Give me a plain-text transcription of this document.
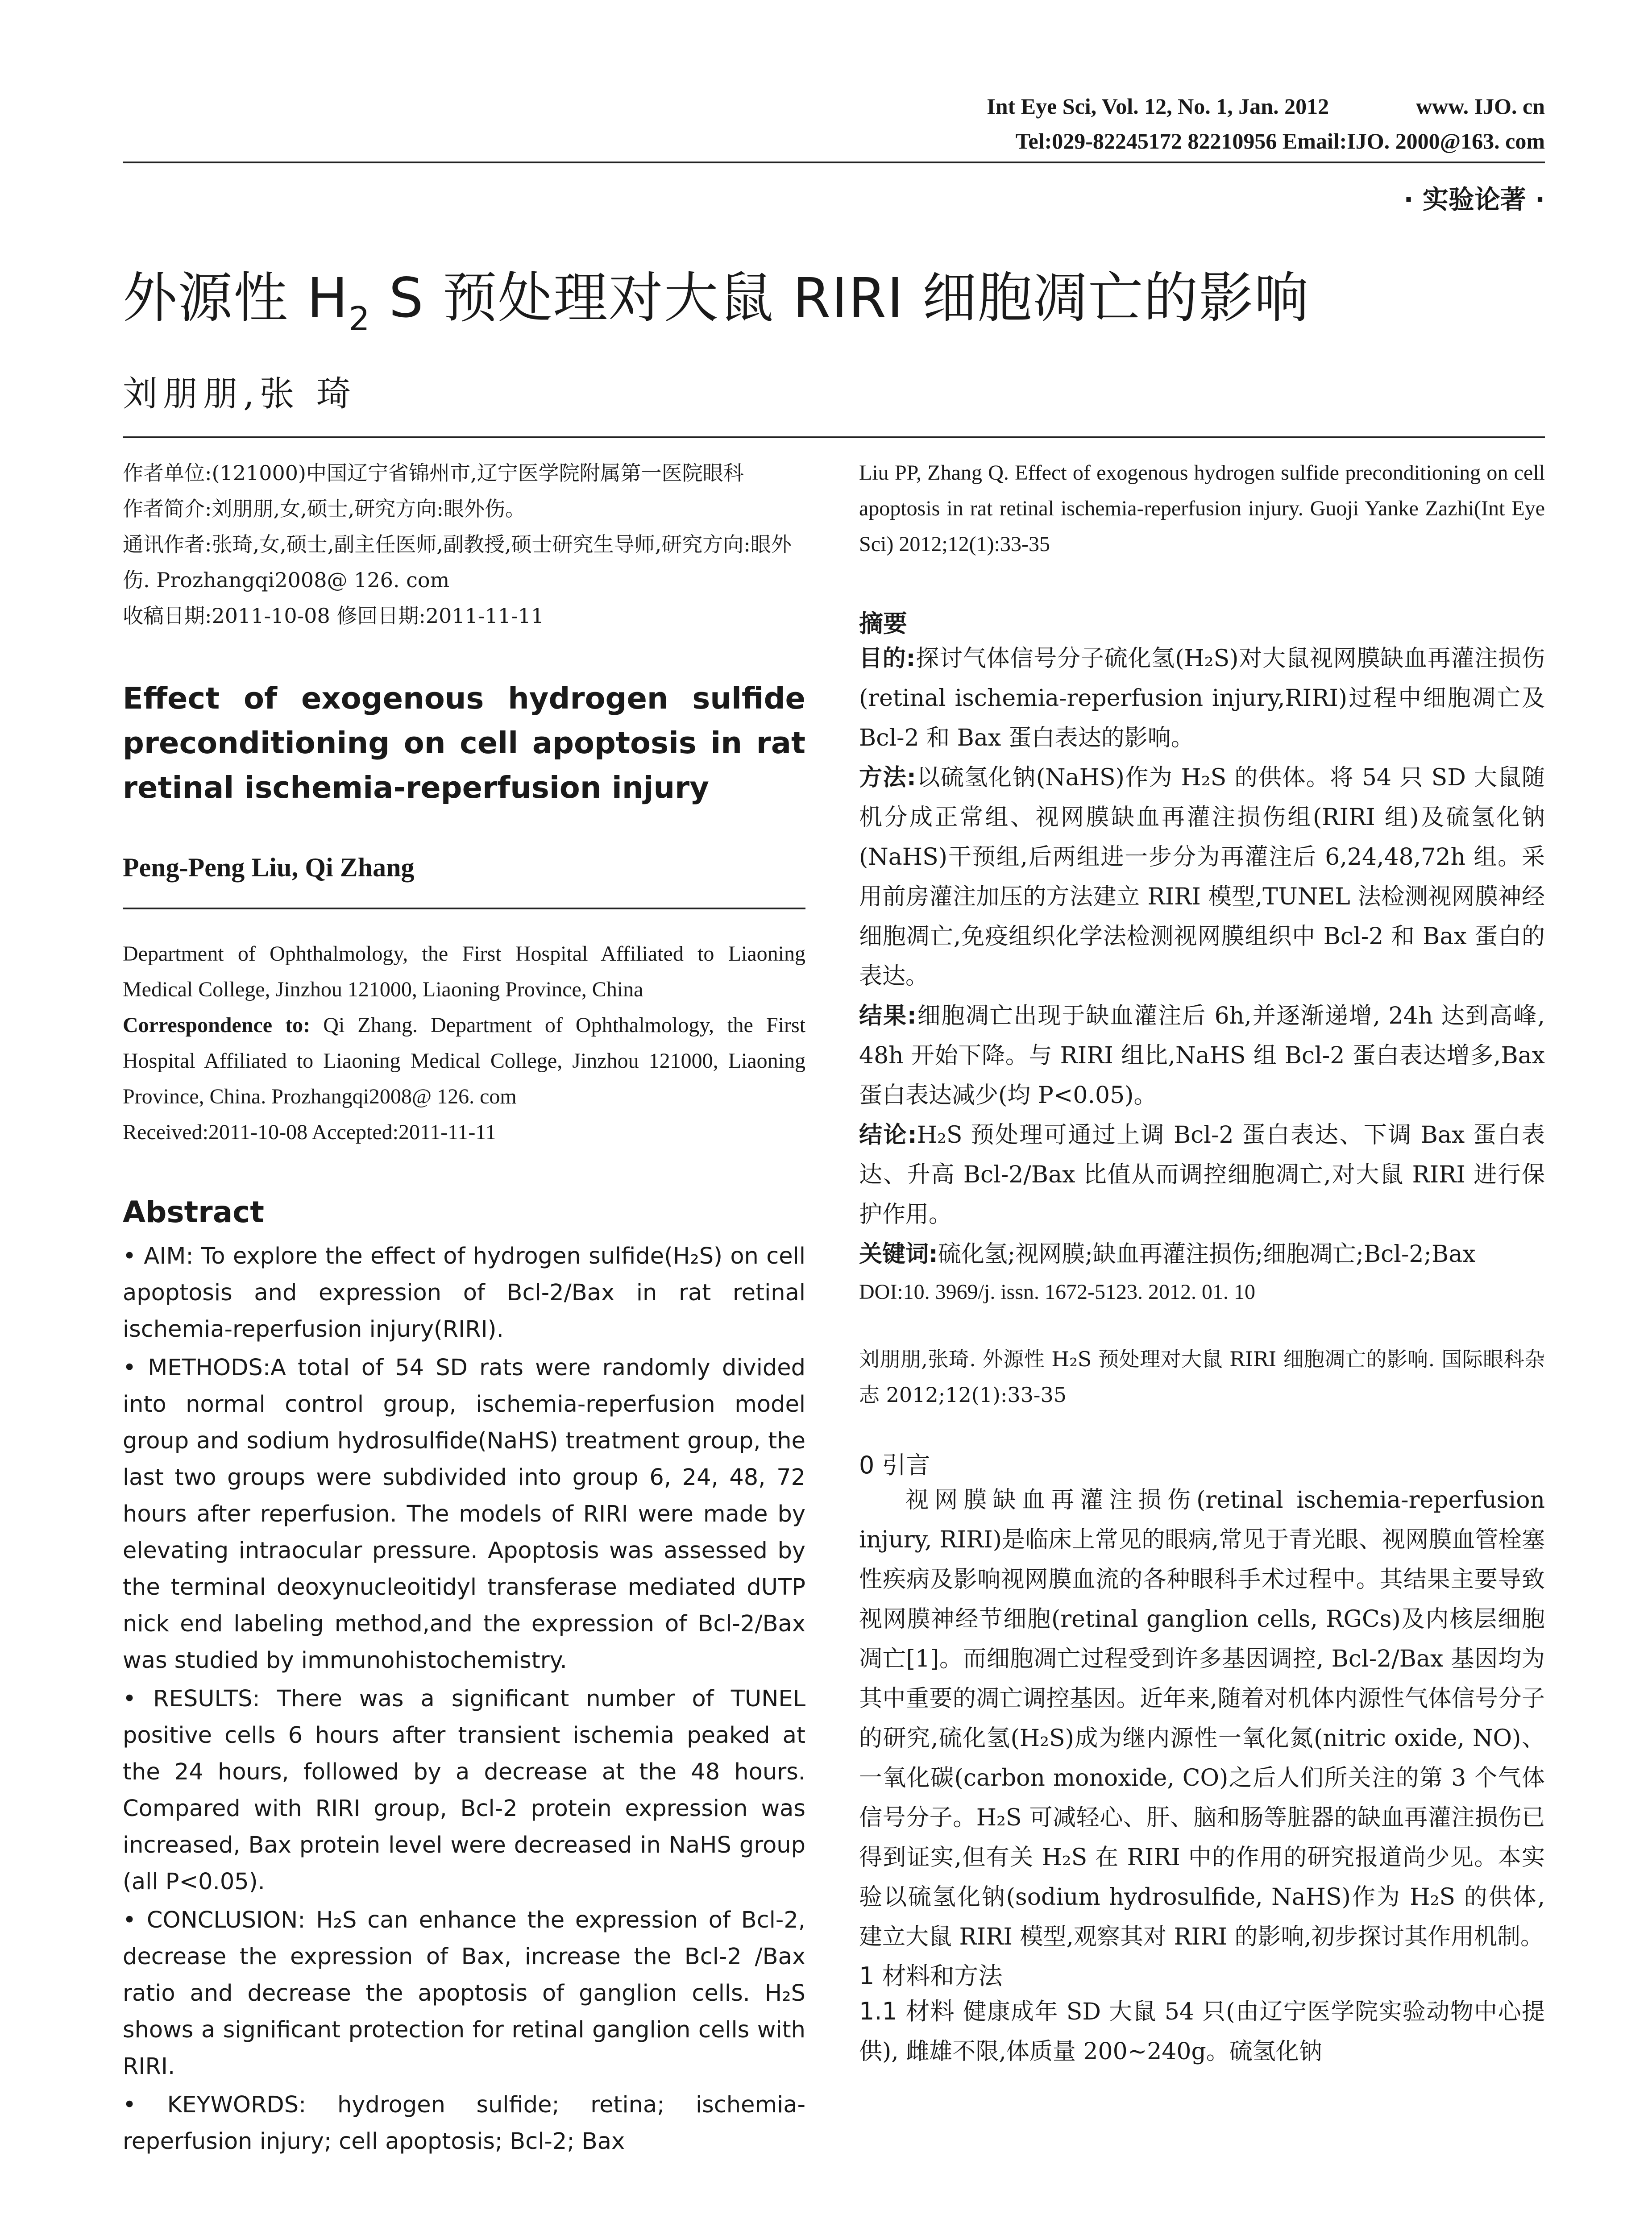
Int Eye Sci, Vol. 12, No. 1, Jan. 2012	www. IJO. cn
Tel:029-82245172 82210956 Email:IJO. 2000@163. com
· 实验论著 ·
外源性 $H_2$ S 预处理对大鼠 RIRI 细胞凋亡的影响
刘朋朋,张 琦
作者单位:(121000)中国辽宁省锦州市,辽宁医学院附属第一医院眼科
作者简介:刘朋朋,女,硕士,研究方向:眼外伤。
通讯作者:张琦,女,硕士,副主任医师,副教授,硕士研究生导师,研究方向:眼外伤. Prozhangqi2008@ 126. com
收稿日期:2011-10-08 修回日期:2011-11-11
Effect of exogenous hydrogen sulfide preconditioning on cell apoptosis in rat retinal ischemia-reperfusion injury
Peng-Peng Liu, Qi Zhang
Department of Ophthalmology, the First Hospital Affiliated to Liaoning Medical College, Jinzhou 121000, Liaoning Province, China
Correspondence to: Qi Zhang. Department of Ophthalmology, the First Hospital Affiliated to Liaoning Medical College, Jinzhou 121000, Liaoning Province, China. Prozhangqi2008@ 126. com
Received:2011-10-08 Accepted:2011-11-11
Abstract

• AIM: To explore the effect of hydrogen sulfide(H₂S) on cell apoptosis and expression of Bcl-2/Bax in rat retinal ischemia-reperfusion injury(RIRI).

• METHODS:A total of 54 SD rats were randomly divided into normal control group, ischemia-reperfusion model group and sodium hydrosulfide(NaHS) treatment group, the last two groups were subdivided into group 6, 24, 48, 72 hours after reperfusion. The models of RIRI were made by elevating intraocular pressure. Apoptosis was assessed by the terminal deoxynucleoitidyl transferase mediated dUTP nick end labeling method,and the expression of Bcl-2/Bax was studied by immunohistochemistry.

• RESULTS: There was a significant number of TUNEL positive cells 6 hours after transient ischemia peaked at the 24 hours, followed by a decrease at the 48 hours. Compared with RIRI group, Bcl-2 protein expression was increased, Bax protein level were decreased in NaHS group (all P<0.05).

• CONCLUSION: H₂S can enhance the expression of Bcl-2, decrease the expression of Bax, increase the Bcl-2 /Bax ratio and decrease the apoptosis of ganglion cells. H₂S shows a significant protection for retinal ganglion cells with RIRI.

• KEYWORDS: hydrogen sulfide; retina; ischemia-reperfusion injury; cell apoptosis; Bcl-2; Bax

Liu PP, Zhang Q. Effect of exogenous hydrogen sulfide preconditioning on cell apoptosis in rat retinal ischemia-reperfusion injury. Guoji Yanke Zazhi(Int Eye Sci) 2012;12(1):33-35
摘要

目的:探讨气体信号分子硫化氢(H₂S)对大鼠视网膜缺血再灌注损伤(retinal ischemia-reperfusion injury,RIRI)过程中细胞凋亡及 Bcl-2 和 Bax 蛋白表达的影响。

方法:以硫氢化钠(NaHS)作为 H₂S 的供体。将 54 只 SD 大鼠随机分成正常组、视网膜缺血再灌注损伤组(RIRI 组)及硫氢化钠(NaHS)干预组,后两组进一步分为再灌注后 6,24,48,72h 组。采用前房灌注加压的方法建立 RIRI 模型,TUNEL 法检测视网膜神经细胞凋亡,免疫组织化学法检测视网膜组织中 Bcl-2 和 Bax 蛋白的表达。

结果:细胞凋亡出现于缺血灌注后 6h,并逐渐递增, 24h 达到高峰, 48h 开始下降。与 RIRI 组比,NaHS 组 Bcl-2 蛋白表达增多,Bax 蛋白表达减少(均 P<0.05)。

结论:H₂S 预处理可通过上调 Bcl-2 蛋白表达、下调 Bax 蛋白表达、升高 Bcl-2/Bax 比值从而调控细胞凋亡,对大鼠 RIRI 进行保护作用。

关键词:硫化氢;视网膜;缺血再灌注损伤;细胞凋亡;Bcl-2;Bax

DOI:10. 3969/j. issn. 1672-5123. 2012. 01. 10
刘朋朋,张琦. 外源性 H₂S 预处理对大鼠 RIRI 细胞凋亡的影响. 国际眼科杂志 2012;12(1):33-35
0 引言

视网膜缺血再灌注损伤(retinal ischemia-reperfusion injury, RIRI)是临床上常见的眼病,常见于青光眼、视网膜血管栓塞性疾病及影响视网膜血流的各种眼科手术过程中。其结果主要导致视网膜神经节细胞(retinal ganglion cells, RGCs)及内核层细胞凋亡[1]。而细胞凋亡过程受到许多基因调控, Bcl-2/Bax 基因均为其中重要的凋亡调控基因。近年来,随着对机体内源性气体信号分子的研究,硫化氢(H₂S)成为继内源性一氧化氮(nitric oxide, NO)、一氧化碳(carbon monoxide, CO)之后人们所关注的第 3 个气体信号分子。H₂S 可减轻心、肝、脑和肠等脏器的缺血再灌注损伤已得到证实,但有关 H₂S 在 RIRI 中的作用的研究报道尚少见。本实验以硫氢化钠(sodium hydrosulfide, NaHS)作为 H₂S 的供体,建立大鼠 RIRI 模型,观察其对 RIRI 的影响,初步探讨其作用机制。

1 材料和方法

1.1 材料 健康成年 SD 大鼠 54 只(由辽宁医学院实验动物中心提供), 雌雄不限,体质量 200~240g。硫氢化钠
